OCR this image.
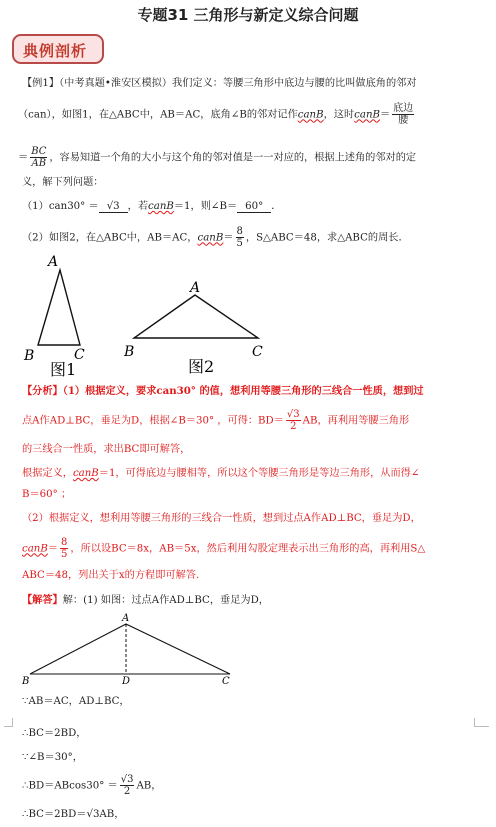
专题31 三角形与新定义综合问题
典例剖析
【例1】（中考真题•淮安区模拟）我们定义：等腰三角形中底边与腰的比叫做底角的邻对
（can），如图1，在△ABC中，AB＝AC，底角∠B的邻对记作canB，这时canB＝ $\frac{\text{底边}}{\text{腰}}$
＝ $\frac{BC}{AB}$ ，容易知道一个角的大小与这个角的邻对值是一一对应的，根据上述角的邻对的定
义，解下列问题：
（1）can30° ＝ √3 ，若canB＝1，则∠B＝ 60° ．
（2）如图2，在△ABC中，AB＝AC，canB＝ $\frac{8}{5}$ ，S△ABC＝48，求△ABC的周长．
A
B	C
图1
A
B	C
图2
【分析】（1）根据定义，要求can30° 的值，想利用等腰三角形的三线合一性质，想到过
点A作AD⊥BC，垂足为D，根据∠B＝30° ，可得：$BD= \frac{√3}{2}$ AB，再利用等腰三角形
的三线合一性质，求出BC即可解答，
根据定义，canB＝1，可得底边与腰相等，所以这个等腰三角形是等边三角形，从而得∠
B＝60° ；
（2）根据定义，想利用等腰三角形的三线合一性质，想到过点A作AD⊥BC，垂足为D，
canB＝ $\frac{8}{5}$ ，所以设BC＝8x，AB＝5x，然后利用勾股定理表示出三角形的高，再利用S△
ABC＝48，列出关于x的方程即可解答.
【解答】解：(1) 如图：过点A作AD⊥BC，垂足为D，
A
B	C
D
∵AB＝AC，AD⊥BC，
∴BC＝2BD，
∵∠B＝30°，
∴BD＝ABcos30° ＝ $\frac{√3}{2}$ AB，
∴BC＝2BD＝√3AB，
